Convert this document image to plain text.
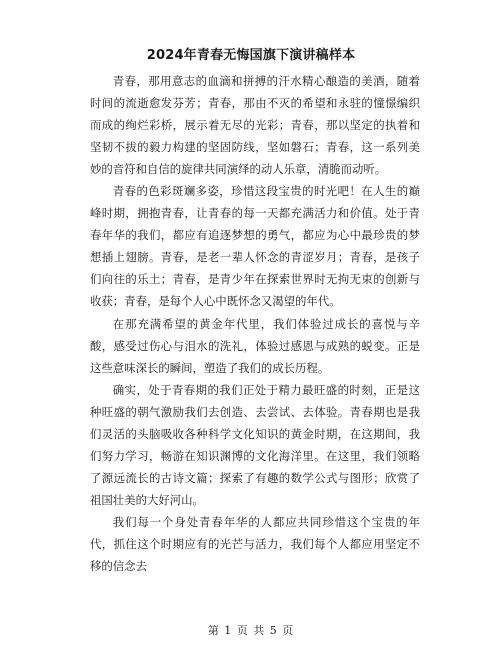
2024年青春无悔国旗下演讲稿样本

青春，那用意志的血滴和拼搏的汗水精心酿造的美酒，随着时间的流逝愈发芬芳；青春，那由不灭的希望和永驻的憧憬编织而成的绚烂彩桥，展示着无尽的光彩；青春，那以坚定的执着和坚韧不拔的毅力构建的坚固防线，坚如磐石；青春，这一系列美妙的音符和自信的旋律共同演绎的动人乐章，清脆而动听。

青春的色彩斑斓多姿，珍惜这段宝贵的时光吧！在人生的巅峰时期，拥抱青春，让青春的每一天都充满活力和价值。处于青春年华的我们，都应有追逐梦想的勇气，都应为心中最珍贵的梦想插上翅膀。青春，是老一辈人怀念的青涩岁月；青春，是孩子们向往的乐土；青春，是青少年在探索世界时无拘无束的创新与收获；青春，是每个人心中既怀念又渴望的年代。

在那充满希望的黄金年代里，我们体验过成长的喜悦与辛酸，感受过伤心与泪水的洗礼，体验过感恩与成熟的蜕变。正是这些意味深长的瞬间，塑造了我们的成长历程。

确实，处于青春期的我们正处于精力最旺盛的时刻，正是这种旺盛的朝气激励我们去创造、去尝试、去体验。青春期也是我们灵活的头脑吸收各种科学文化知识的黄金时期，在这期间，我们努力学习，畅游在知识渊博的文化海洋里。在这里，我们领略了源远流长的古诗文篇；探索了有趣的数学公式与图形；欣赏了祖国壮美的大好河山。

我们每一个身处青春年华的人都应共同珍惜这个宝贵的年代，抓住这个时期应有的光芒与活力，我们每个人都应用坚定不移的信念去

第 1 页 共 5 页
